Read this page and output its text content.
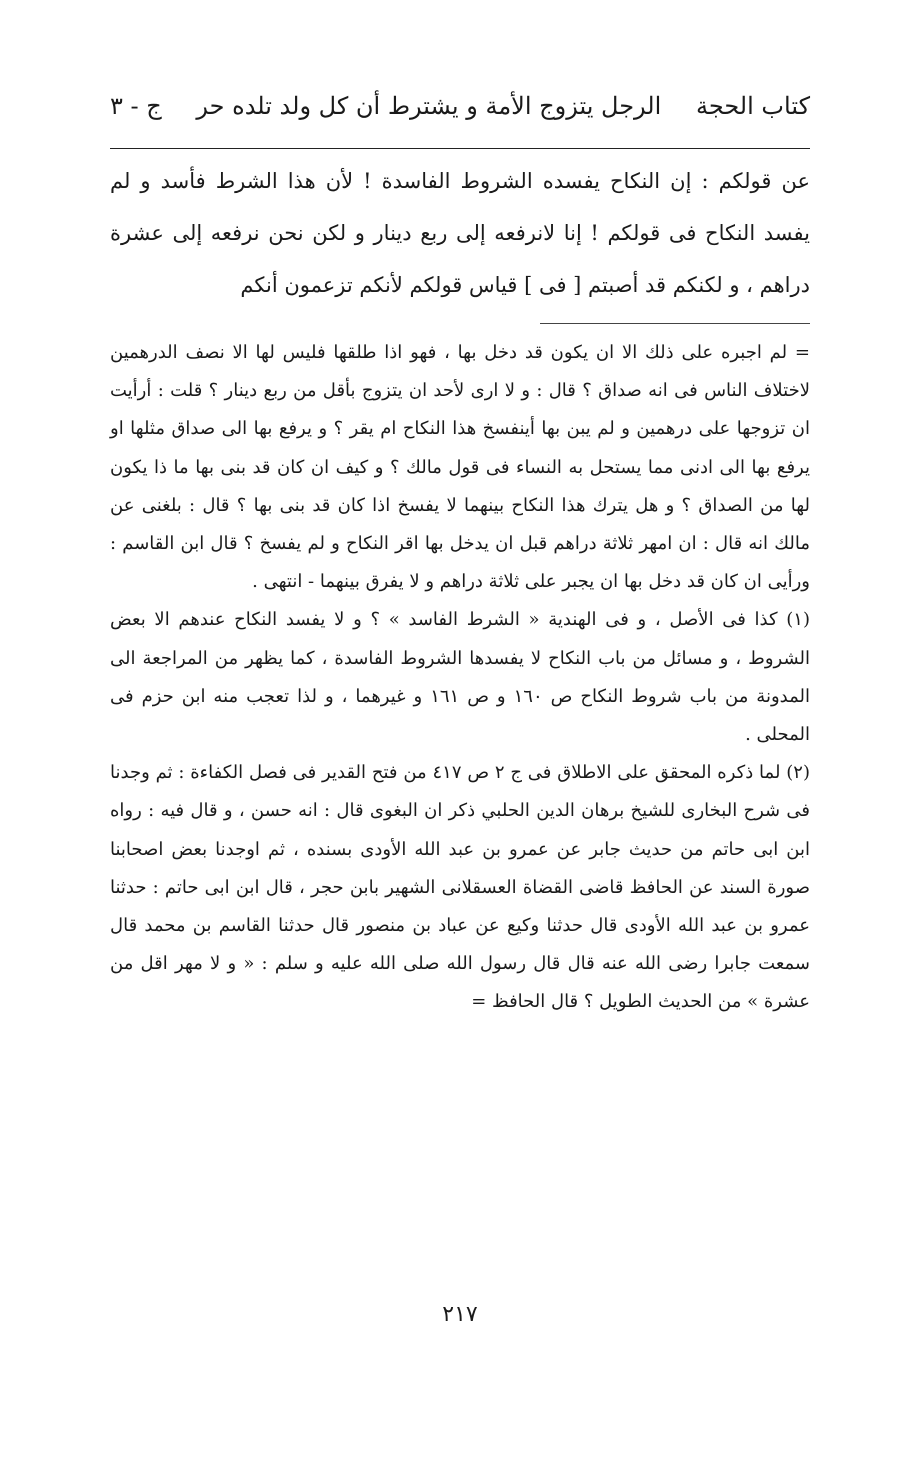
كتاب الحجة
الرجل يتزوج الأمة و يشترط أن كل ولد تلده حر
ج - ٣

عن قولكم : إن النكاح يفسده الشروط الفاسدة ! لأن هذا الشرط فأسد و لم يفسد النكاح فى قولكم ! إنا لانرفعه إلى ربع دينار و لكن نحن نرفعه إلى عشرة دراهم ، و لكنكم قد أصبتم [ فى ] قياس قولكم لأنكم تزعمون أنكم

= لم اجبره على ذلك الا ان يكون قد دخل بها ، فهو اذا طلقها فليس لها الا نصف الدرهمين لاختلاف الناس فى انه صداق ؟ قال : و لا ارى لأحد ان يتزوج بأقل من ربع دينار ؟ قلت : أرأيت ان تزوجها على درهمين و لم يبن بها أينفسخ هذا النكاح ام يقر ؟ و يرفع بها الى صداق مثلها او يرفع بها الى ادنى مما يستحل به النساء فى قول مالك ؟ و كيف ان كان قد بنى بها ما ذا يكون لها من الصداق ؟ و هل يترك هذا النكاح بينهما لا يفسخ اذا كان قد بنى بها ؟ قال : بلغنى عن مالك انه قال : ان امهر ثلاثة دراهم قبل ان يدخل بها اقر النكاح و لم يفسخ ؟ قال ابن القاسم : ورأيى ان كان قد دخل بها ان يجبر على ثلاثة دراهم و لا يفرق بينهما - انتهى .

(١) كذا فى الأصل ، و فى الهندية « الشرط الفاسد » ؟ و لا يفسد النكاح عندهم الا بعض الشروط ، و مسائل من باب النكاح لا يفسدها الشروط الفاسدة ، كما يظهر من المراجعة الى المدونة من باب شروط النكاح ص ١٦٠ و ص ١٦١ و غيرهما ، و لذا تعجب منه ابن حزم فى المحلى .

(٢) لما ذكره المحقق على الاطلاق فى ج ٢ ص ٤١٧ من فتح القدير فى فصل الكفاءة : ثم وجدنا فى شرح البخارى للشيخ برهان الدين الحلبي ذكر ان البغوى قال : انه حسن ، و قال فيه : رواه ابن ابى حاتم من حديث جابر عن عمرو بن عبد الله الأودى بسنده ، ثم اوجدنا بعض اصحابنا صورة السند عن الحافظ قاضى القضاة العسقلانى الشهير بابن حجر ، قال ابن ابى حاتم : حدثنا عمرو بن عبد الله الأودى قال حدثنا وكيع عن عباد بن منصور قال حدثنا القاسم بن محمد قال سمعت جابرا رضى الله عنه قال قال رسول الله صلى الله عليه و سلم : « و لا مهر اقل من عشرة » من الحديث الطويل ؟ قال الحافظ =

٢١٧
